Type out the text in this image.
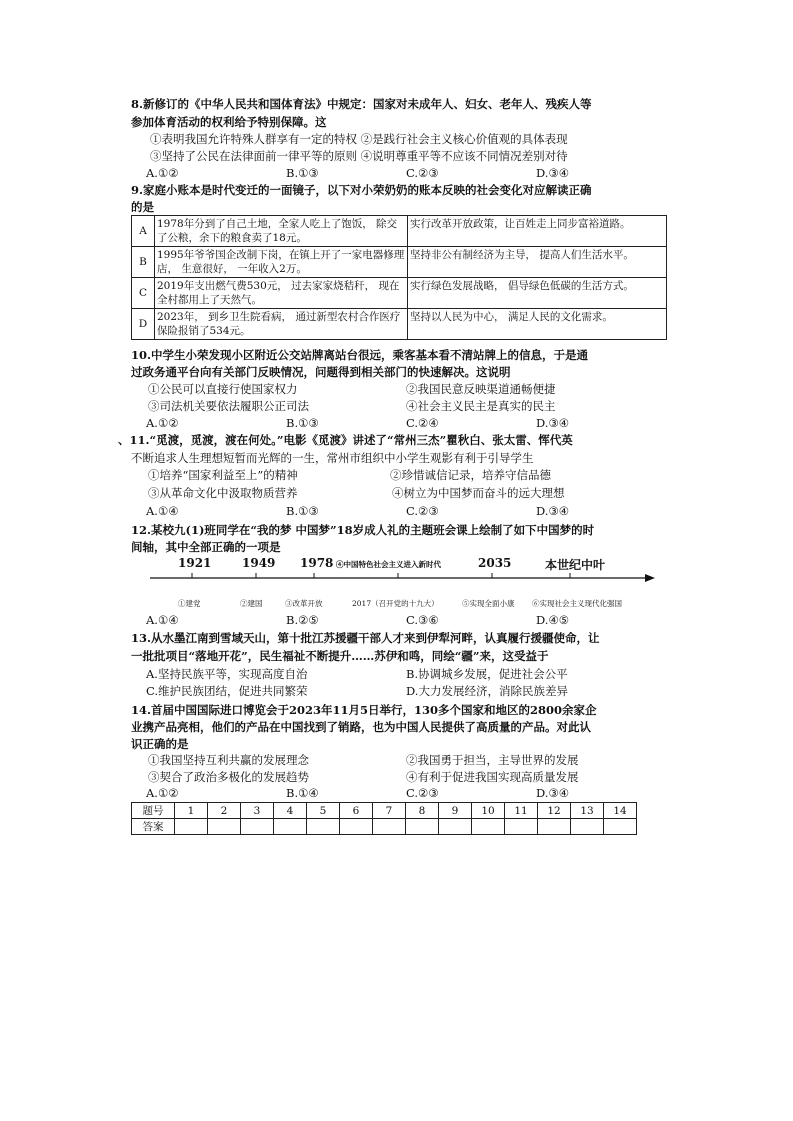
8.新修订的《中华人民共和国体育法》中规定：国家对未成年人、妇女、老年人、残疾人等
参加体育活动的权利给予特别保障。这
①表明我国允许特殊人群享有一定的特权 ②是践行社会主义核心价值观的具体表现
③坚持了公民在法律面前一律平等的原则 ④说明尊重平等不应该不同情况差别对待
A.①②	B.①③	C.②③	D.③④
9.家庭小账本是时代变迁的一面镜子，以下对小荣奶奶的账本反映的社会变化对应解读正确
的是
A	1978年分到了自己土地，全家人吃上了饱饭， 除交了公粮，余下的粮食卖了18元。	实行改革开放政策，让百姓走上同步富裕道路。
B	1995年爷爷国企改制下岗，在镇上开了一家电器修理店， 生意很好， 一年收入2万。	坚持非公有制经济为主导， 提高人们生活水平。
C	2019年支出燃气费530元， 过去家家烧秸秆， 现在全村都用上了天然气。	实行绿色发展战略， 倡导绿色低碳的生活方式。
D	2023年， 到乡卫生院看病， 通过新型农村合作医疗保险报销了534元。	坚持以人民为中心， 满足人民的文化需求。
10.中学生小荣发现小区附近公交站牌离站台很远，乘客基本看不清站牌上的信息，于是通
过政务通平台向有关部门反映情况，问题得到相关部门的快速解决。这说明
①公民可以直接行使国家权力	②我国民意反映渠道通畅便捷
③司法机关要依法履职公正司法	④社会主义民主是真实的民主
A.①②	B.①③	C.②④	D.③④
、11.“觅渡，觅渡，渡在何处。”电影《觅渡》讲述了“常州三杰”瞿秋白、张太雷、恽代英
不断追求人生理想短暂而光辉的一生，常州市组织中小学生观影有利于引导学生
①培养“国家利益至上”的精神	②珍惜诚信记录，培养守信品德
③从革命文化中汲取物质营养	④树立为中国梦而奋斗的远大理想
A.①④	B.①③	C.②③	D.③④
12.某校九(1)班同学在“我的梦 中国梦”18岁成人礼的主题班会课上绘制了如下中国梦的时
间轴，其中全部正确的一项是
1921	1949 1978 ④中国特色社会主义进入新时代	2035	本世纪中叶
①建党	②建国	③改革开放	2017（召开党的十九大）	⑤实现全面小康 ⑥实现社会主义现代化强国
A.①④	B.②⑤	C.③⑥	D.④⑤
13.从水墨江南到雪域天山，第十批江苏援疆干部人才来到伊犁河畔，认真履行援疆使命，让
一批批项目“落地开花”，民生福祉不断提升……苏伊和鸣，同绘“疆”来，这受益于
A.坚持民族平等，实现高度自治	B.协调城乡发展，促进社会公平
C.维护民族团结，促进共同繁荣	D.大力发展经济，消除民族差异
14.首届中国国际进口博览会于2023年11月5日举行，130多个国家和地区的2800余家企
业携产品亮相，他们的产品在中国找到了销路，也为中国人民提供了高质量的产品。对此认
识正确的是
①我国坚持互利共赢的发展理念	②我国勇于担当，主导世界的发展
③契合了政治多极化的发展趋势	④有利于促进我国实现高质量发展
A.①②	B.①④	C.②③	D.③④
题号	1	2	3	4	5	6	7	8	9	10	11	12	13	14
答案														
